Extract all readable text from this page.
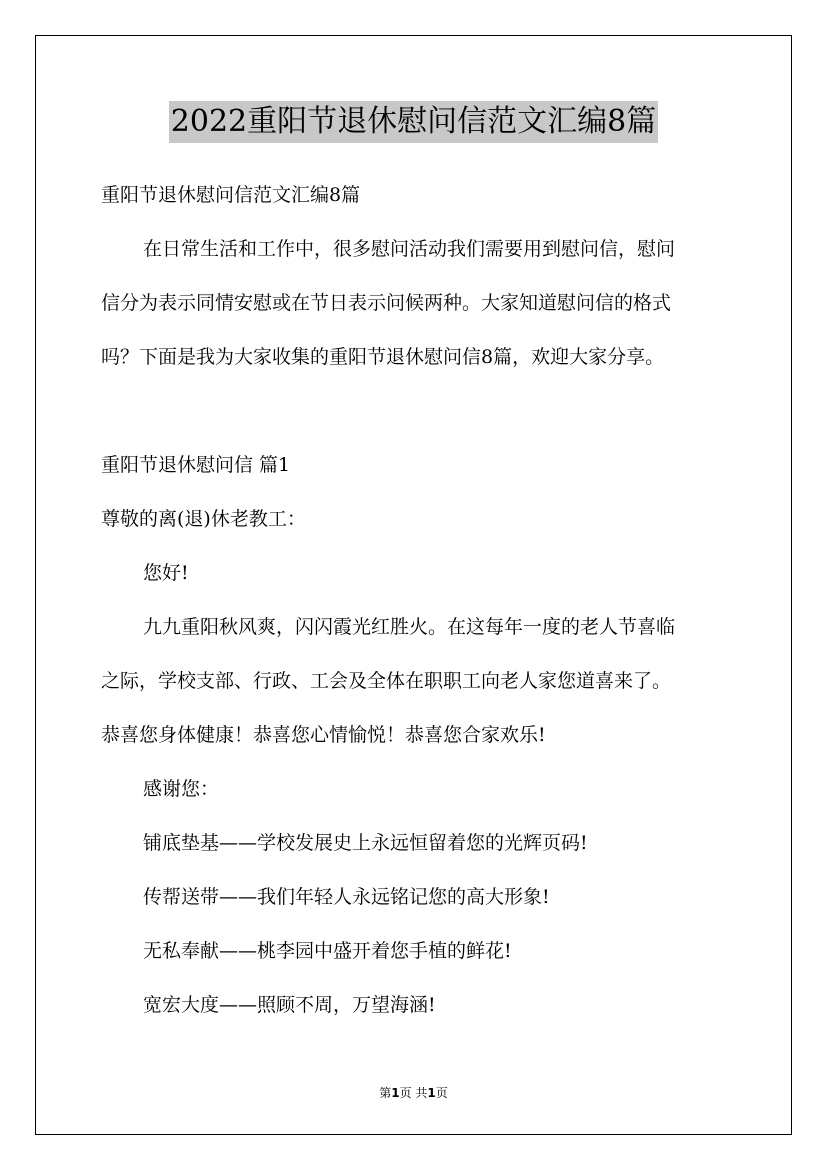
2022重阳节退休慰问信范文汇编8篇
重阳节退休慰问信范文汇编8篇
在日常生活和工作中，很多慰问活动我们需要用到慰问信，慰问
信分为表示同情安慰或在节日表示问候两种。大家知道慰问信的格式
吗？下面是我为大家收集的重阳节退休慰问信8篇，欢迎大家分享。
重阳节退休慰问信 篇1
尊敬的离(退)休老教工：
您好!
九九重阳秋风爽，闪闪霞光红胜火。在这每年一度的老人节喜临
之际，学校支部、行政、工会及全体在职职工向老人家您道喜来了。
恭喜您身体健康！恭喜您心情愉悦！恭喜您合家欢乐!
感谢您：
铺底垫基——学校发展史上永远恒留着您的光辉页码!
传帮送带——我们年轻人永远铭记您的高大形象!
无私奉献——桃李园中盛开着您手植的鲜花!
宽宏大度——照顾不周，万望海涵!
第1页 共1页
